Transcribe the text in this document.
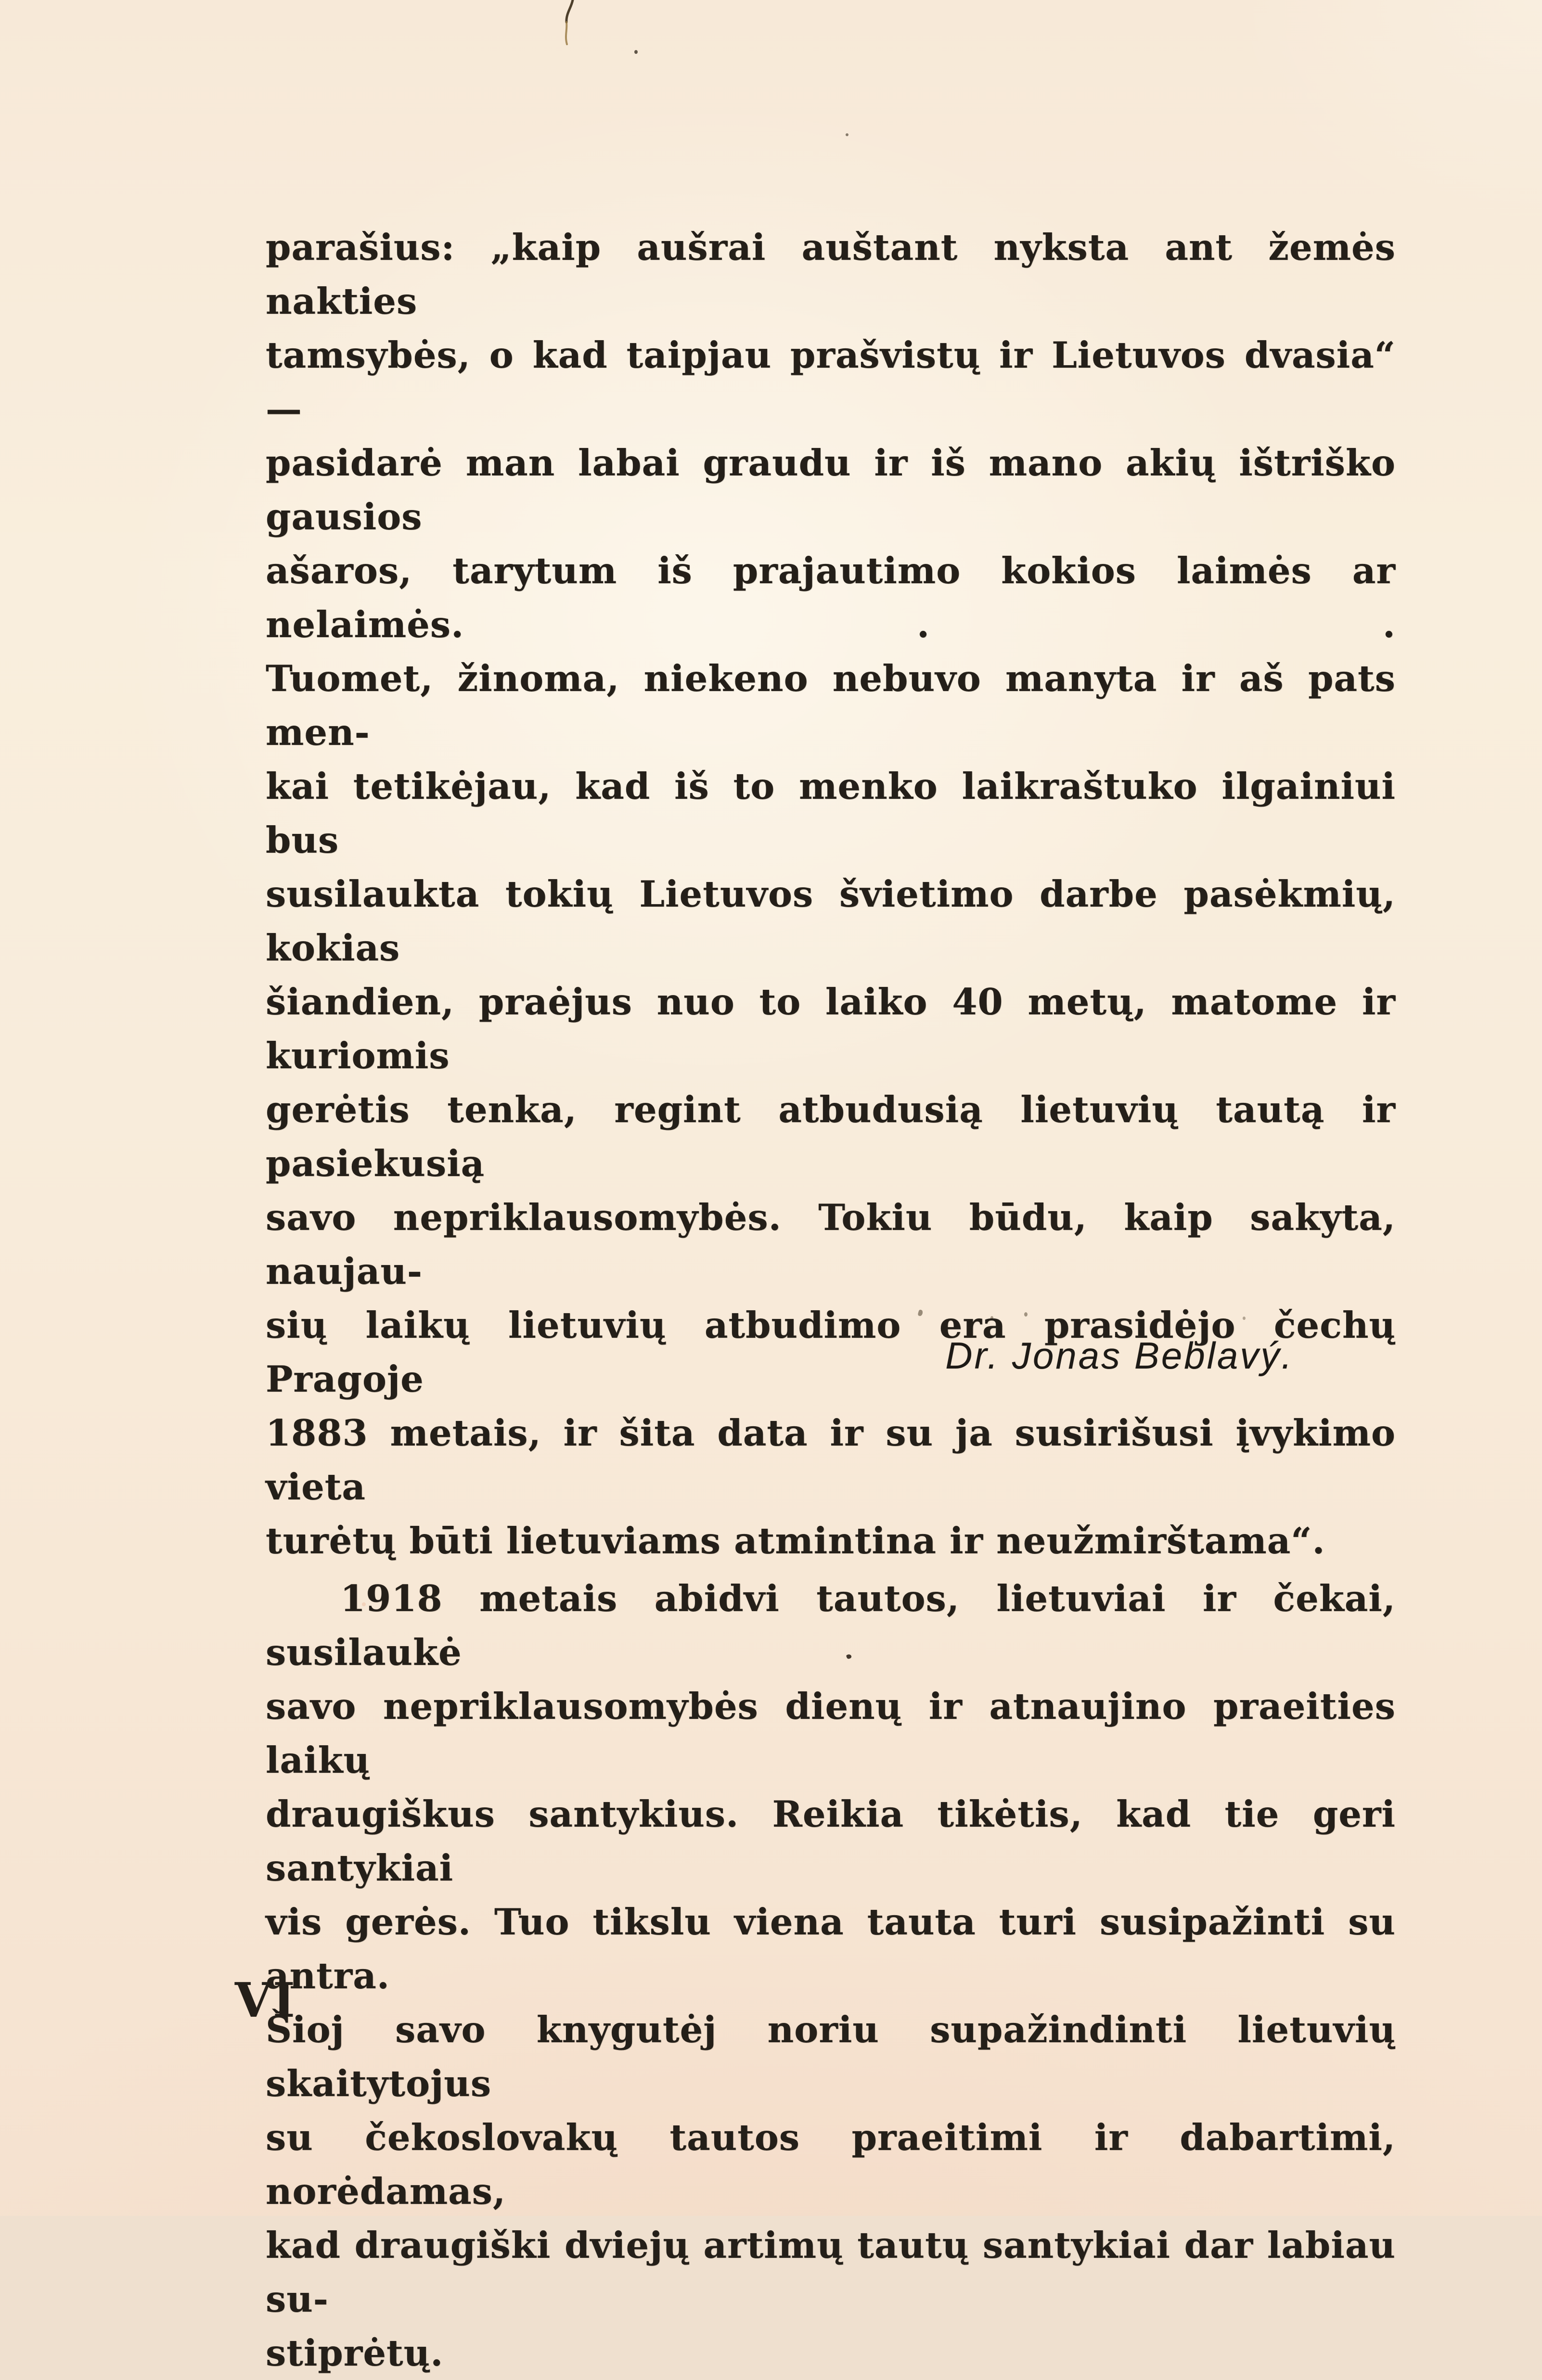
parašius: „kaip aušrai auštant nyksta ant žemės nakties
tamsybės, o kad taipjau prašvistų ir Lietuvos dvasia“ —
pasidarė man labai graudu ir iš mano akių ištriško gausios
ašaros, tarytum iš prajautimo kokios laimės ar nelaimės. . .
Tuomet, žinoma, niekeno nebuvo manyta ir aš pats men-
kai tetikėjau, kad iš to menko laikraštuko ilgainiui bus
susilaukta tokių Lietuvos švietimo darbe pasėkmių, kokias
šiandien, praėjus nuo to laiko 40 metų, matome ir kuriomis
gerėtis tenka, regint atbudusią lietuvių tautą ir pasiekusią
savo nepriklausomybės. Tokiu būdu, kaip sakyta, naujau-
sių laikų lietuvių atbudimo era prasidėjo čechų Pragoje
1883 metais, ir šita data ir su ja susirišusi įvykimo vieta
turėtų būti lietuviams atmintina ir neužmirštama“.
1918 metais abidvi tautos, lietuviai ir čekai, susilaukė
savo nepriklausomybės dienų ir atnaujino praeities laikų
draugiškus santykius. Reikia tikėtis, kad tie geri santykiai
vis gerės. Tuo tikslu viena tauta turi susipažinti su antra.
Šioj savo knygutėj noriu supažindinti lietuvių skaitytojus
su čekoslovakų tautos praeitimi ir dabartimi, norėdamas,
kad draugiški dviejų artimų tautų santykiai dar labiau su-
stiprėtų.
Dr. Jonas Beblavý.
VI
